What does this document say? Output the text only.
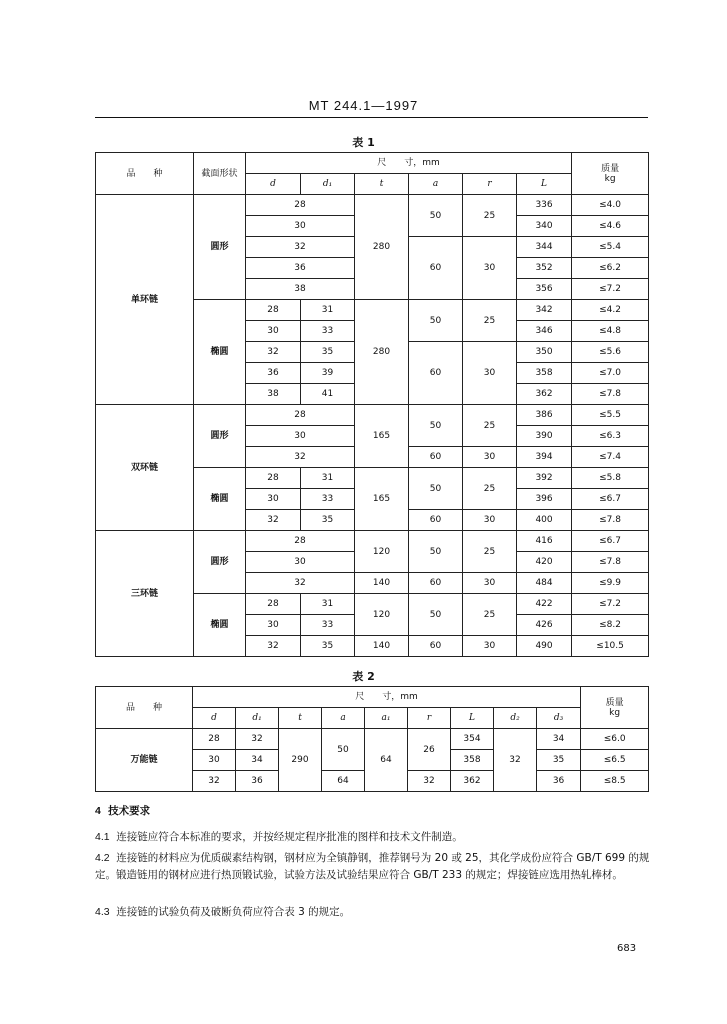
MT 244.1—1997
表 1
品　　种	截面形状	尺　　寸，mm						质量
kg
		d	d₁	t	a	r	L	
单环链	圆形	28		280	50	25	336	≤4.0
		30					340	≤4.6
		32			60	30	344	≤5.4
		36					352	≤6.2
		38					356	≤7.2
	椭圆	28	31	280	50	25	342	≤4.2
		30	33				346	≤4.8
		32	35		60	30	350	≤5.6
		36	39				358	≤7.0
		38	41				362	≤7.8
双环链	圆形	28		165	50	25	386	≤5.5
		30					390	≤6.3
		32			60	30	394	≤7.4
	椭圆	28	31	165	50	25	392	≤5.8
		30	33				396	≤6.7
		32	35		60	30	400	≤7.8
三环链	圆形	28		120	50	25	416	≤6.7
		30					420	≤7.8
		32		140	60	30	484	≤9.9
	椭圆	28	31	120	50	25	422	≤7.2
		30	33				426	≤8.2
		32	35	140	60	30	490	≤10.5
表 2
品　　种	尺　　寸，mm									质量
kg
	d	d₁	t	a	a₁	r	L	d₂	d₃	
万能链	28	32	290	50	64	26	354	32	34	≤6.0
	30	34					358		35	≤6.5
	32	36		64		32	362		36	≤8.5
4 技术要求
4.1 连接链应符合本标准的要求，并按经规定程序批准的图样和技术文件制造。
4.2 连接链的材料应为优质碳素结构钢，钢材应为全镇静钢，推荐钢号为 20 或 25，其化学成份应符合 GB/T 699 的规定。锻造链用的钢材应进行热顶锻试验，试验方法及试验结果应符合 GB/T 233 的规定；焊接链应选用热轧棒材。
4.3 连接链的试验负荷及破断负荷应符合表 3 的规定。
683
